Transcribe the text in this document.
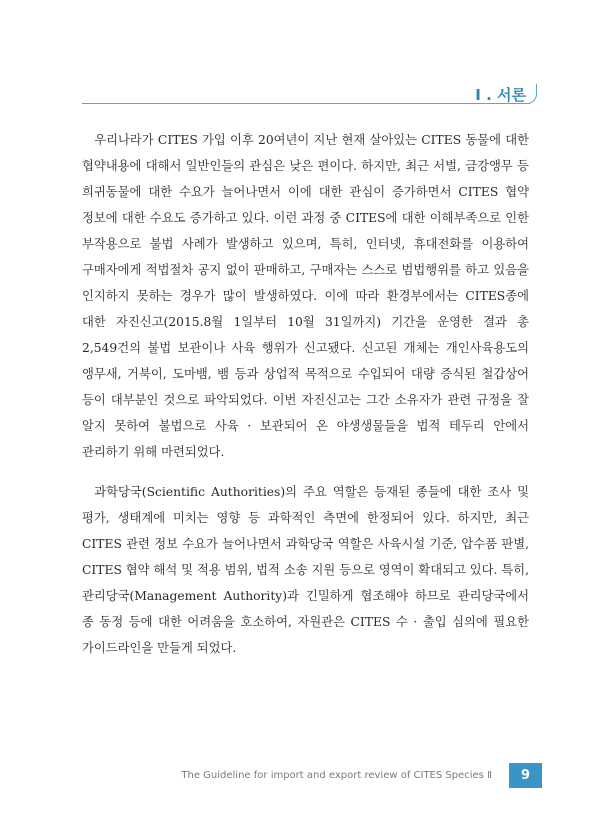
I . 서론

우리나라가 CITES 가입 이후 20여년이 지난 현재 살아있는 CITES 동물에 대한 협약내용에 대해서 일반인들의 관심은 낮은 편이다. 하지만, 최근 서벌, 금강앵무 등 희귀동물에 대한 수요가 늘어나면서 이에 대한 관심이 증가하면서 CITES 협약 정보에 대한 수요도 증가하고 있다. 이런 과정 중 CITES에 대한 이해부족으로 인한 부작용으로 불법 사례가 발생하고 있으며, 특히, 인터넷, 휴대전화를 이용하여 구매자에게 적법절차 공지 없이 판매하고, 구매자는 스스로 범법행위를 하고 있음을 인지하지 못하는 경우가 많이 발생하였다. 이에 따라 환경부에서는 CITES종에 대한 자진신고(2015.8월 1일부터 10월 31일까지) 기간을 운영한 결과 총 2,549건의 불법 보관이나 사육 행위가 신고됐다. 신고된 개체는 개인사육용도의 앵무새, 거북이, 도마뱀, 뱀 등과 상업적 목적으로 수입되어 대량 증식된 철갑상어 등이 대부분인 것으로 파악되었다. 이번 자진신고는 그간 소유자가 관련 규정을 잘 알지 못하여 불법으로 사육 · 보관되어 온 야생생물들을 법적 테두리 안에서 관리하기 위해 마련되었다.

과학당국(Scientific Authorities)의 주요 역할은 등재된 종들에 대한 조사 및 평가, 생태계에 미치는 영향 등 과학적인 측면에 한정되어 있다. 하지만, 최근 CITES 관련 정보 수요가 늘어나면서 과학당국 역할은 사육시설 기준, 압수품 판별, CITES 협약 해석 및 적용 범위, 법적 소송 지원 등으로 영역이 확대되고 있다. 특히, 관리당국(Management Authority)과 긴밀하게 협조해야 하므로 관리당국에서 종 동정 등에 대한 어려움을 호소하여, 자원관은 CITES 수 · 출입 심의에 필요한 가이드라인을 만들게 되었다.

The Guideline for import and export review of CITES Species Ⅱ	9
